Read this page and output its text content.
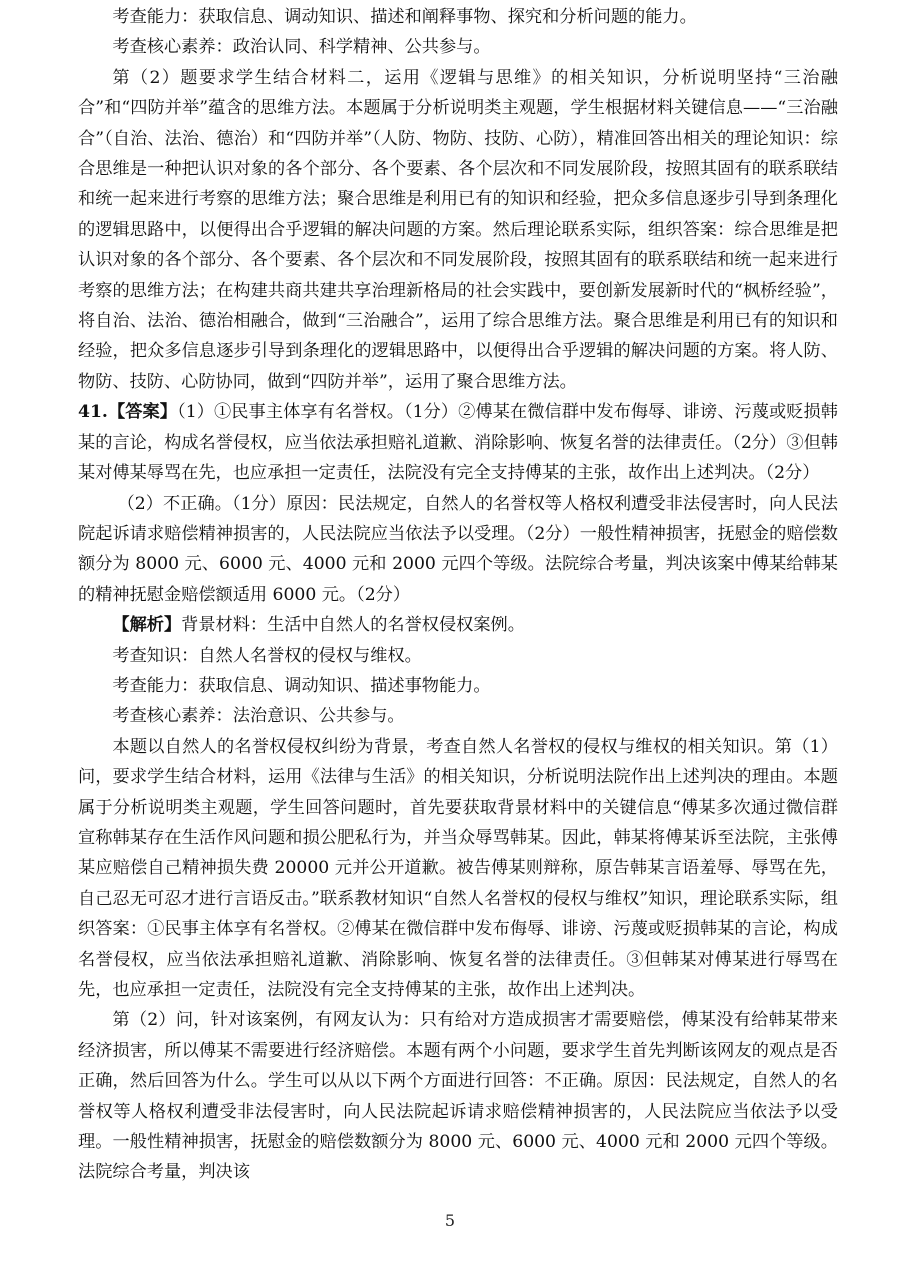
考查能力：获取信息、调动知识、描述和阐释事物、探究和分析问题的能力。

考查核心素养：政治认同、科学精神、公共参与。

第（2）题要求学生结合材料二，运用《逻辑与思维》的相关知识，分析说明坚持“三治融合”和“四防并举”蕴含的思维方法。本题属于分析说明类主观题，学生根据材料关键信息——“三治融合”（自治、法治、德治）和“四防并举”（人防、物防、技防、心防），精准回答出相关的理论知识：综合思维是一种把认识对象的各个部分、各个要素、各个层次和不同发展阶段，按照其固有的联系联结和统一起来进行考察的思维方法；聚合思维是利用已有的知识和经验，把众多信息逐步引导到条理化的逻辑思路中，以便得出合乎逻辑的解决问题的方案。然后理论联系实际，组织答案：综合思维是把认识对象的各个部分、各个要素、各个层次和不同发展阶段，按照其固有的联系联结和统一起来进行考察的思维方法；在构建共商共建共享治理新格局的社会实践中，要创新发展新时代的“枫桥经验”，将自治、法治、德治相融合，做到“三治融合”，运用了综合思维方法。聚合思维是利用已有的知识和经验，把众多信息逐步引导到条理化的逻辑思路中，以便得出合乎逻辑的解决问题的方案。将人防、物防、技防、心防协同，做到“四防并举”，运用了聚合思维方法。

41.【答案】（1）①民事主体享有名誉权。（1分）②傅某在微信群中发布侮辱、诽谤、污蔑或贬损韩某的言论，构成名誉侵权，应当依法承担赔礼道歉、消除影响、恢复名誉的法律责任。（2分）③但韩某对傅某辱骂在先，也应承担一定责任，法院没有完全支持傅某的主张，故作出上述判决。（2分）

（2）不正确。（1分）原因：民法规定，自然人的名誉权等人格权利遭受非法侵害时，向人民法院起诉请求赔偿精神损害的，人民法院应当依法予以受理。（2分）一般性精神损害，抚慰金的赔偿数额分为 8000 元、6000 元、4000 元和 2000 元四个等级。法院综合考量，判决该案中傅某给韩某的精神抚慰金赔偿额适用 6000 元。（2分）

【解析】背景材料：生活中自然人的名誉权侵权案例。

考查知识：自然人名誉权的侵权与维权。

考查能力：获取信息、调动知识、描述事物能力。

考查核心素养：法治意识、公共参与。

本题以自然人的名誉权侵权纠纷为背景，考查自然人名誉权的侵权与维权的相关知识。第（1）问，要求学生结合材料，运用《法律与生活》的相关知识，分析说明法院作出上述判决的理由。本题属于分析说明类主观题，学生回答问题时，首先要获取背景材料中的关键信息“傅某多次通过微信群宣称韩某存在生活作风问题和损公肥私行为，并当众辱骂韩某。因此，韩某将傅某诉至法院，主张傅某应赔偿自己精神损失费 20000 元并公开道歉。被告傅某则辩称，原告韩某言语羞辱、辱骂在先，自己忍无可忍才进行言语反击。”联系教材知识“自然人名誉权的侵权与维权”知识，理论联系实际，组织答案：①民事主体享有名誉权。②傅某在微信群中发布侮辱、诽谤、污蔑或贬损韩某的言论，构成名誉侵权，应当依法承担赔礼道歉、消除影响、恢复名誉的法律责任。③但韩某对傅某进行辱骂在先，也应承担一定责任，法院没有完全支持傅某的主张，故作出上述判决。

第（2）问，针对该案例，有网友认为：只有给对方造成损害才需要赔偿，傅某没有给韩某带来经济损害，所以傅某不需要进行经济赔偿。本题有两个小问题，要求学生首先判断该网友的观点是否正确，然后回答为什么。学生可以从以下两个方面进行回答：不正确。原因：民法规定，自然人的名誉权等人格权利遭受非法侵害时，向人民法院起诉请求赔偿精神损害的，人民法院应当依法予以受理。一般性精神损害，抚慰金的赔偿数额分为 8000 元、6000 元、4000 元和 2000 元四个等级。法院综合考量，判决该

5
